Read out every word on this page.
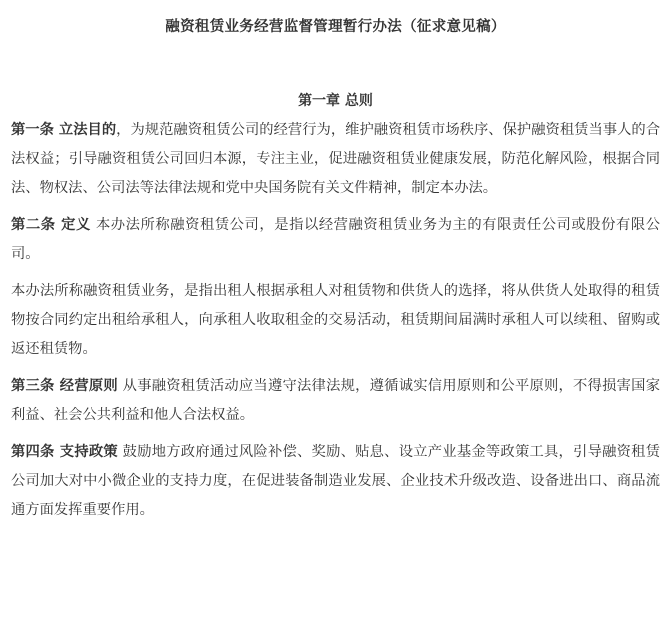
融资租赁业务经营监督管理暂行办法（征求意见稿）
第一章 总则

第一条 立法目的，为规范融资租赁公司的经营行为，维护融资租赁市场秩序、保护融资租赁当事人的合法权益；引导融资租赁公司回归本源，专注主业，促进融资租赁业健康发展，防范化解风险，根据合同法、物权法、公司法等法律法规和党中央国务院有关文件精神，制定本办法。

第二条 定义 本办法所称融资租赁公司，是指以经营融资租赁业务为主的有限责任公司或股份有限公司。

本办法所称融资租赁业务，是指出租人根据承租人对租赁物和供货人的选择，将从供货人处取得的租赁物按合同约定出租给承租人，向承租人收取租金的交易活动，租赁期间届满时承租人可以续租、留购或返还租赁物。

第三条 经营原则 从事融资租赁活动应当遵守法律法规，遵循诚实信用原则和公平原则，不得损害国家利益、社会公共利益和他人合法权益。

第四条 支持政策 鼓励地方政府通过风险补偿、奖励、贴息、设立产业基金等政策工具，引导融资租赁公司加大对中小微企业的支持力度，在促进装备制造业发展、企业技术升级改造、设备进出口、商品流通方面发挥重要作用。
